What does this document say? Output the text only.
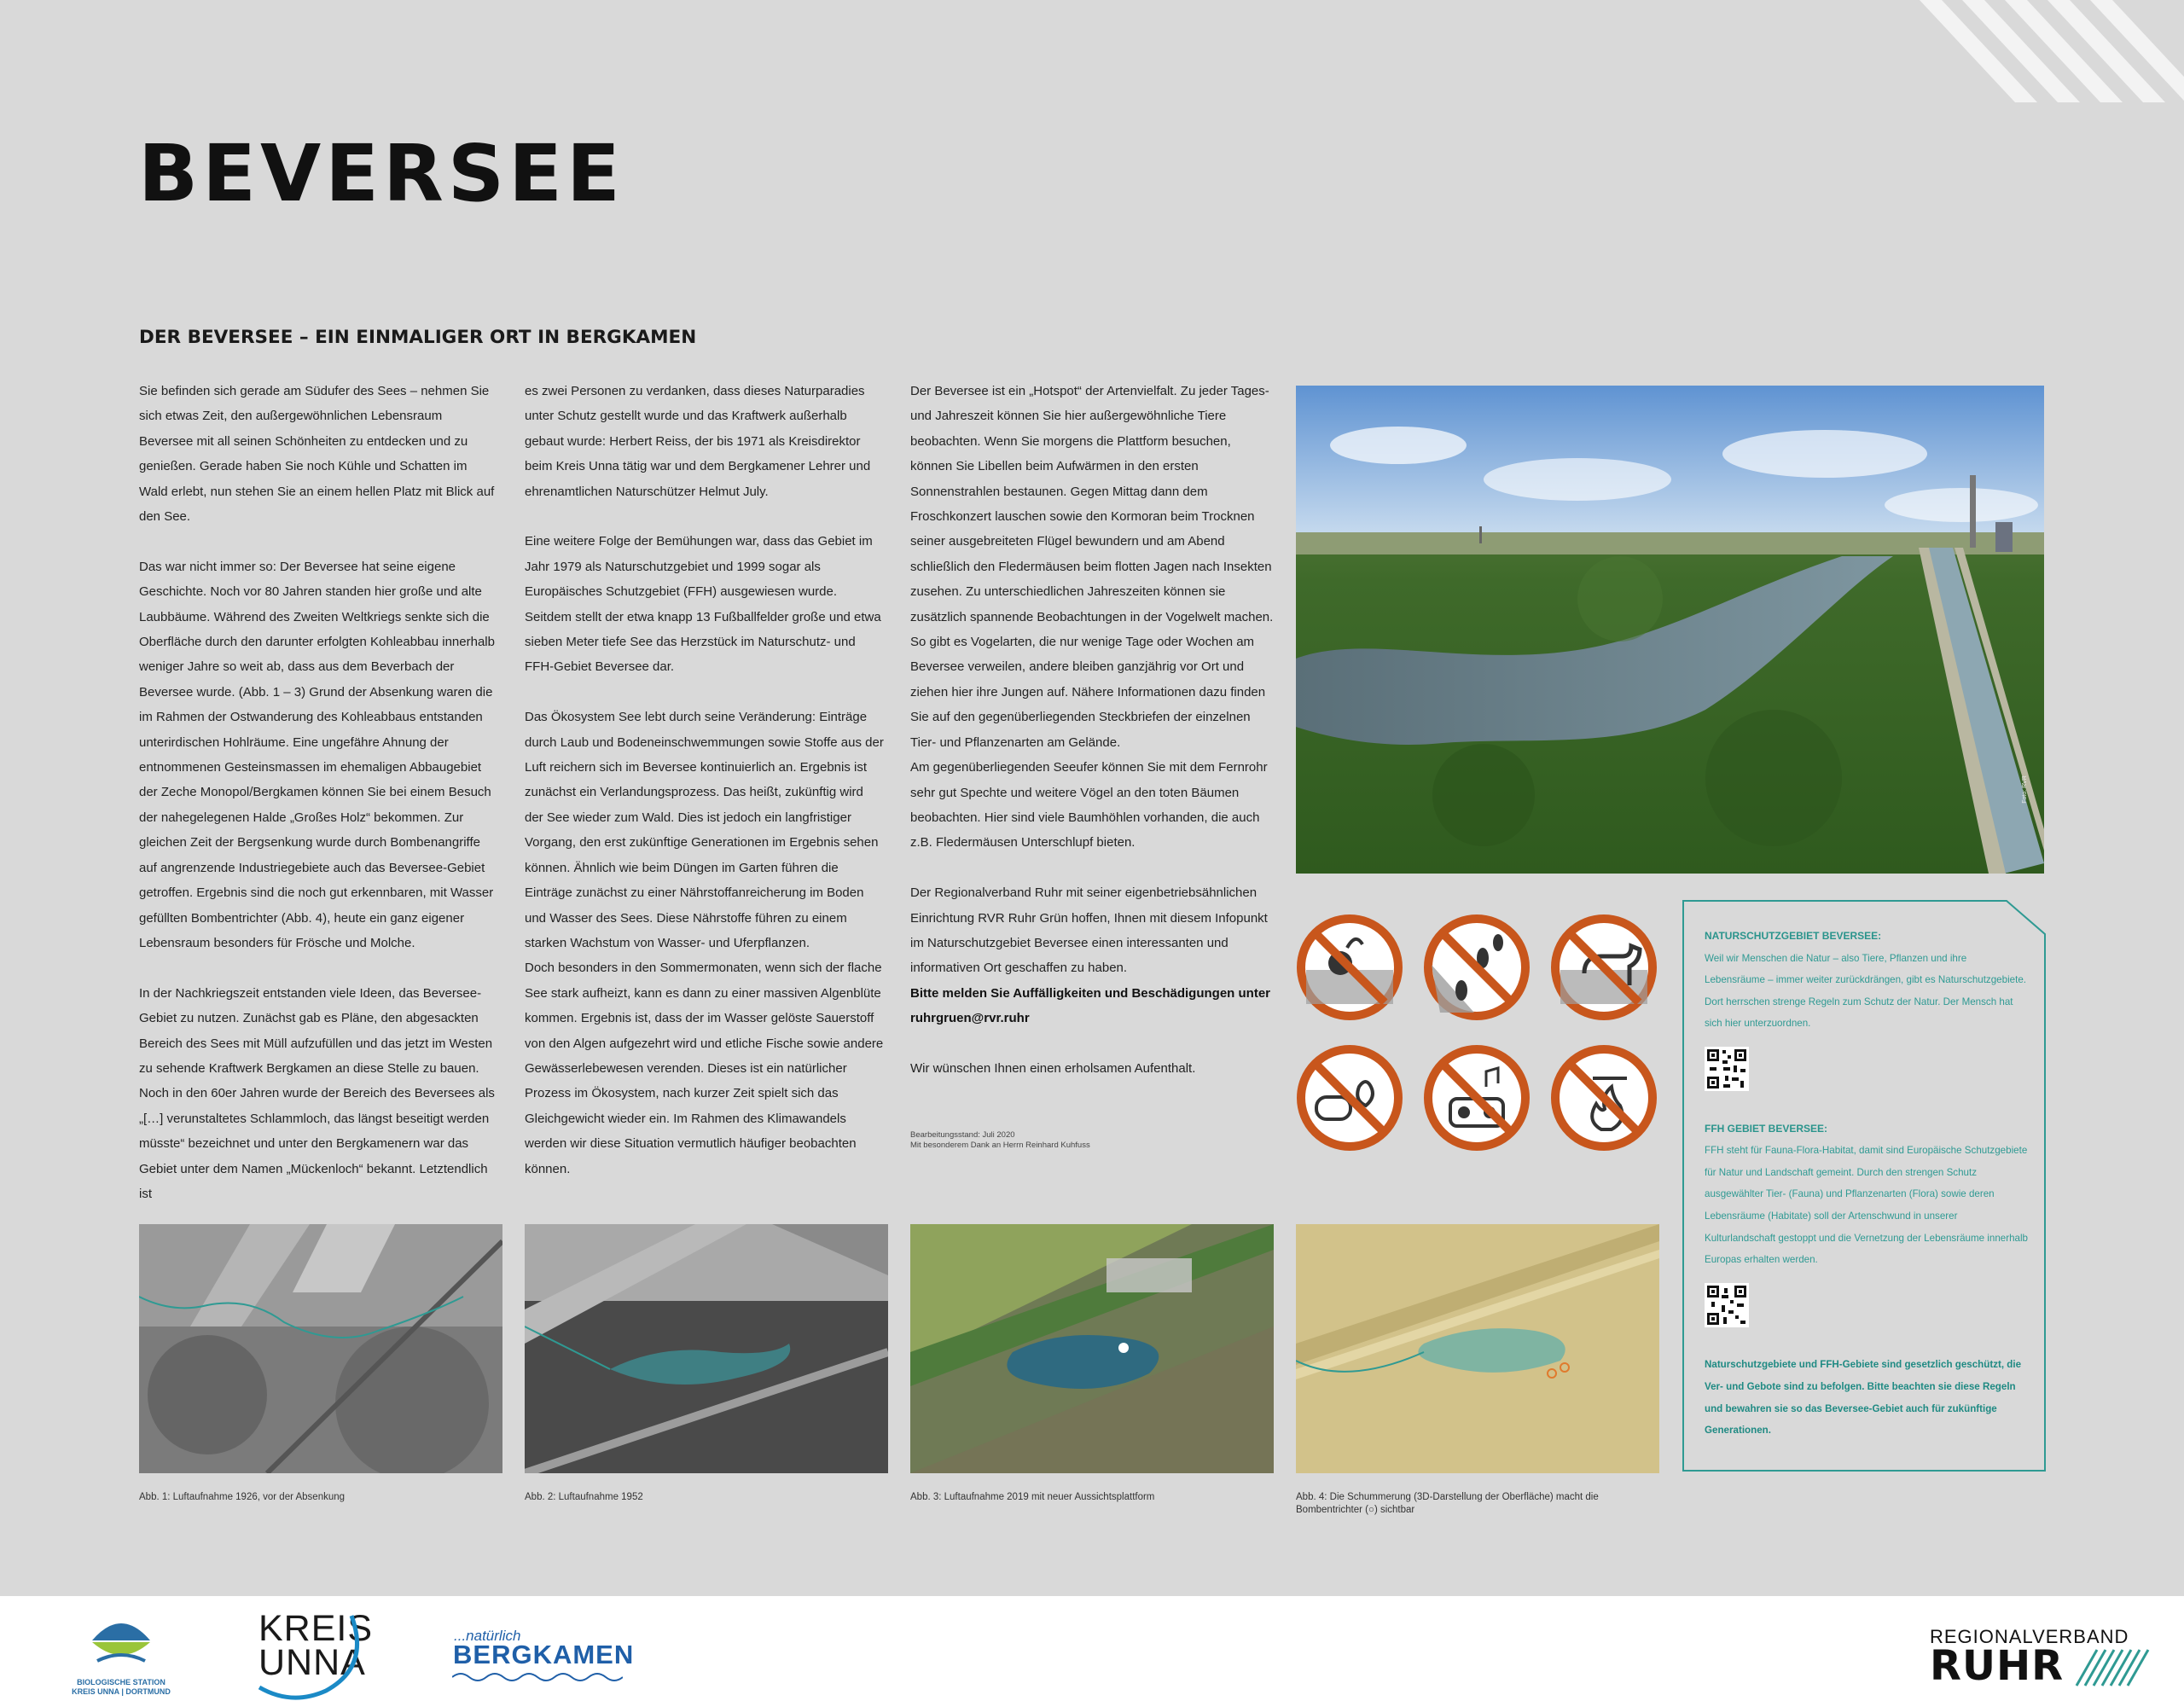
BEVERSEE
DER BEVERSEE – EIN EINMALIGER ORT IN BERGKAMEN

Sie befinden sich gerade am Südufer des Sees – nehmen Sie sich etwas Zeit, den außergewöhnlichen Lebensraum Beversee mit all seinen Schönheiten zu entdecken und zu genießen. Gerade haben Sie noch Kühle und Schatten im Wald erlebt, nun stehen Sie an einem hellen Platz mit Blick auf den See.

Das war nicht immer so: Der Beversee hat seine eigene Geschichte. Noch vor 80 Jahren standen hier große und alte Laubbäume. Während des Zweiten Weltkriegs senkte sich die Oberfläche durch den darunter erfolgten Kohleabbau innerhalb weniger Jahre so weit ab, dass aus dem Beverbach der Beversee wurde. (Abb. 1 – 3) Grund der Absenkung waren die im Rahmen der Ostwanderung des Kohleabbaus entstanden unterirdischen Hohlräume. Eine ungefähre Ahnung der entnommenen Gesteinsmassen im ehemaligen Abbaugebiet der Zeche Monopol/Bergkamen können Sie bei einem Besuch der nahegelegenen Halde „Großes Holz“ bekommen. Zur gleichen Zeit der Bergsenkung wurde durch Bombenangriffe auf angrenzende Industriegebiete auch das Beversee-Gebiet getroffen. Ergebnis sind die noch gut erkennbaren, mit Wasser gefüllten Bombentrichter (Abb. 4), heute ein ganz eigener Lebensraum besonders für Frösche und Molche.

In der Nachkriegszeit entstanden viele Ideen, das Beversee-Gebiet zu nutzen. Zunächst gab es Pläne, den abgesackten Bereich des Sees mit Müll aufzufüllen und das jetzt im Westen zu sehende Kraftwerk Bergkamen an diese Stelle zu bauen. Noch in den 60er Jahren wurde der Bereich des Beversees als „[…] verunstaltetes Schlammloch, das längst beseitigt werden müsste“ bezeichnet und unter den Bergkamenern war das Gebiet unter dem Namen „Mückenloch“ bekannt. Letztendlich ist

es zwei Personen zu verdanken, dass dieses Naturparadies unter Schutz gestellt wurde und das Kraftwerk außerhalb gebaut wurde: Herbert Reiss, der bis 1971 als Kreisdirektor beim Kreis Unna tätig war und dem Bergkamener Lehrer und ehrenamtlichen Naturschützer Helmut July.

Eine weitere Folge der Bemühungen war, dass das Gebiet im Jahr 1979 als Naturschutzgebiet und 1999 sogar als Europäisches Schutzgebiet (FFH) ausgewiesen wurde. Seitdem stellt der etwa knapp 13 Fußballfelder große und etwa sieben Meter tiefe See das Herzstück im Naturschutz- und FFH-Gebiet Beversee dar.

Das Ökosystem See lebt durch seine Veränderung: Einträge durch Laub und Bodeneinschwemmungen sowie Stoffe aus der Luft reichern sich im Beversee kontinuierlich an. Ergebnis ist zunächst ein Verlandungsprozess. Das heißt, zukünftig wird der See wieder zum Wald. Dies ist jedoch ein langfristiger Vorgang, den erst zukünftige Generationen im Ergebnis sehen können. Ähnlich wie beim Düngen im Garten führen die Einträge zunächst zu einer Nährstoffanreicherung im Boden und Wasser des Sees. Diese Nährstoffe führen zu einem starken Wachstum von Wasser- und Uferpflanzen.

Doch besonders in den Sommermonaten, wenn sich der flache See stark aufheizt, kann es dann zu einer massiven Algenblüte kommen. Ergebnis ist, dass der im Wasser gelöste Sauerstoff von den Algen aufgezehrt wird und etliche Fische sowie andere Gewässerlebewesen verenden. Dieses ist ein natürlicher Prozess im Ökosystem, nach kurzer Zeit spielt sich das Gleichgewicht wieder ein. Im Rahmen des Klimawandels werden wir diese Situation vermutlich häufiger beobachten können.

Der Beversee ist ein „Hotspot“ der Artenvielfalt. Zu jeder Tages- und Jahreszeit können Sie hier außergewöhnliche Tiere beobachten. Wenn Sie morgens die Plattform besuchen, können Sie Libellen beim Aufwärmen in den ersten Sonnenstrahlen bestaunen. Gegen Mittag dann dem Froschkonzert lauschen sowie den Kormoran beim Trocknen seiner ausgebreiteten Flügel bewundern und am Abend schließlich den Fledermäusen beim flotten Jagen nach Insekten zusehen. Zu unterschiedlichen Jahreszeiten können sie zusätzlich spannende Beobachtungen in der Vogelwelt machen. So gibt es Vogelarten, die nur wenige Tage oder Wochen am Beversee verweilen, andere bleiben ganzjährig vor Ort und ziehen hier ihre Jungen auf. Nähere Informationen dazu finden Sie auf den gegenüberliegenden Steckbriefen der einzelnen Tier- und Pflanzenarten am Gelände.

Am gegenüberliegenden Seeufer können Sie mit dem Fernrohr sehr gut Spechte und weitere Vögel an den toten Bäumen beobachten. Hier sind viele Baumhöhlen vorhanden, die auch z.B. Fledermäusen Unterschlupf bieten.

Der Regionalverband Ruhr mit seiner eigenbetriebsähnlichen Einrichtung RVR Ruhr Grün hoffen, Ihnen mit diesem Infopunkt im Naturschutzgebiet Beversee einen interessanten und informativen Ort geschaffen zu haben.

Bitte melden Sie Auffälligkeiten und Beschädigungen unter ruhrgruen@rvr.ruhr

Wir wünschen Ihnen einen erholsamen Aufenthalt.

Bearbeitungsstand: Juli 2020
Mit besonderem Dank an Herrn Reinhard Kuhfuss
Foto: RVR
NATURSCHUTZGEBIET BEVERSEE:
Weil wir Menschen die Natur – also Tiere, Pflanzen und ihre Lebensräume – immer weiter zurückdrängen, gibt es Naturschutzgebiete. Dort herrschen strenge Regeln zum Schutz der Natur. Der Mensch hat sich hier unterzuordnen.
FFH GEBIET BEVERSEE:
FFH steht für Fauna-Flora-Habitat, damit sind Europäische Schutzgebiete für Natur und Landschaft gemeint. Durch den strengen Schutz ausgewählter Tier- (Fauna) und Pflanzenarten (Flora) sowie deren Lebensräume (Habitate) soll der Artenschwund in unserer Kulturlandschaft gestoppt und die Vernetzung der Lebensräume innerhalb Europas erhalten werden.
Naturschutzgebiete und FFH-Gebiete sind gesetzlich geschützt, die Ver- und Gebote sind zu befolgen. Bitte beachten sie diese Regeln und bewahren sie so das Beversee-Gebiet auch für zukünftige Generationen.
Abb. 1: Luftaufnahme 1926, vor der Absenkung	Abb. 2: Luftaufnahme 1952	Abb. 3: Luftaufnahme 2019 mit neuer Aussichtsplattform	Abb. 4: Die Schummerung (3D-Darstellung der Oberfläche) macht die Bombentrichter (○) sichtbar
BIOLOGISCHE STATION
KREIS UNNA | DORTMUND
KREIS
UNNA
...natürlich
BERGKAMEN
REGIONALVERBAND
RUHR
